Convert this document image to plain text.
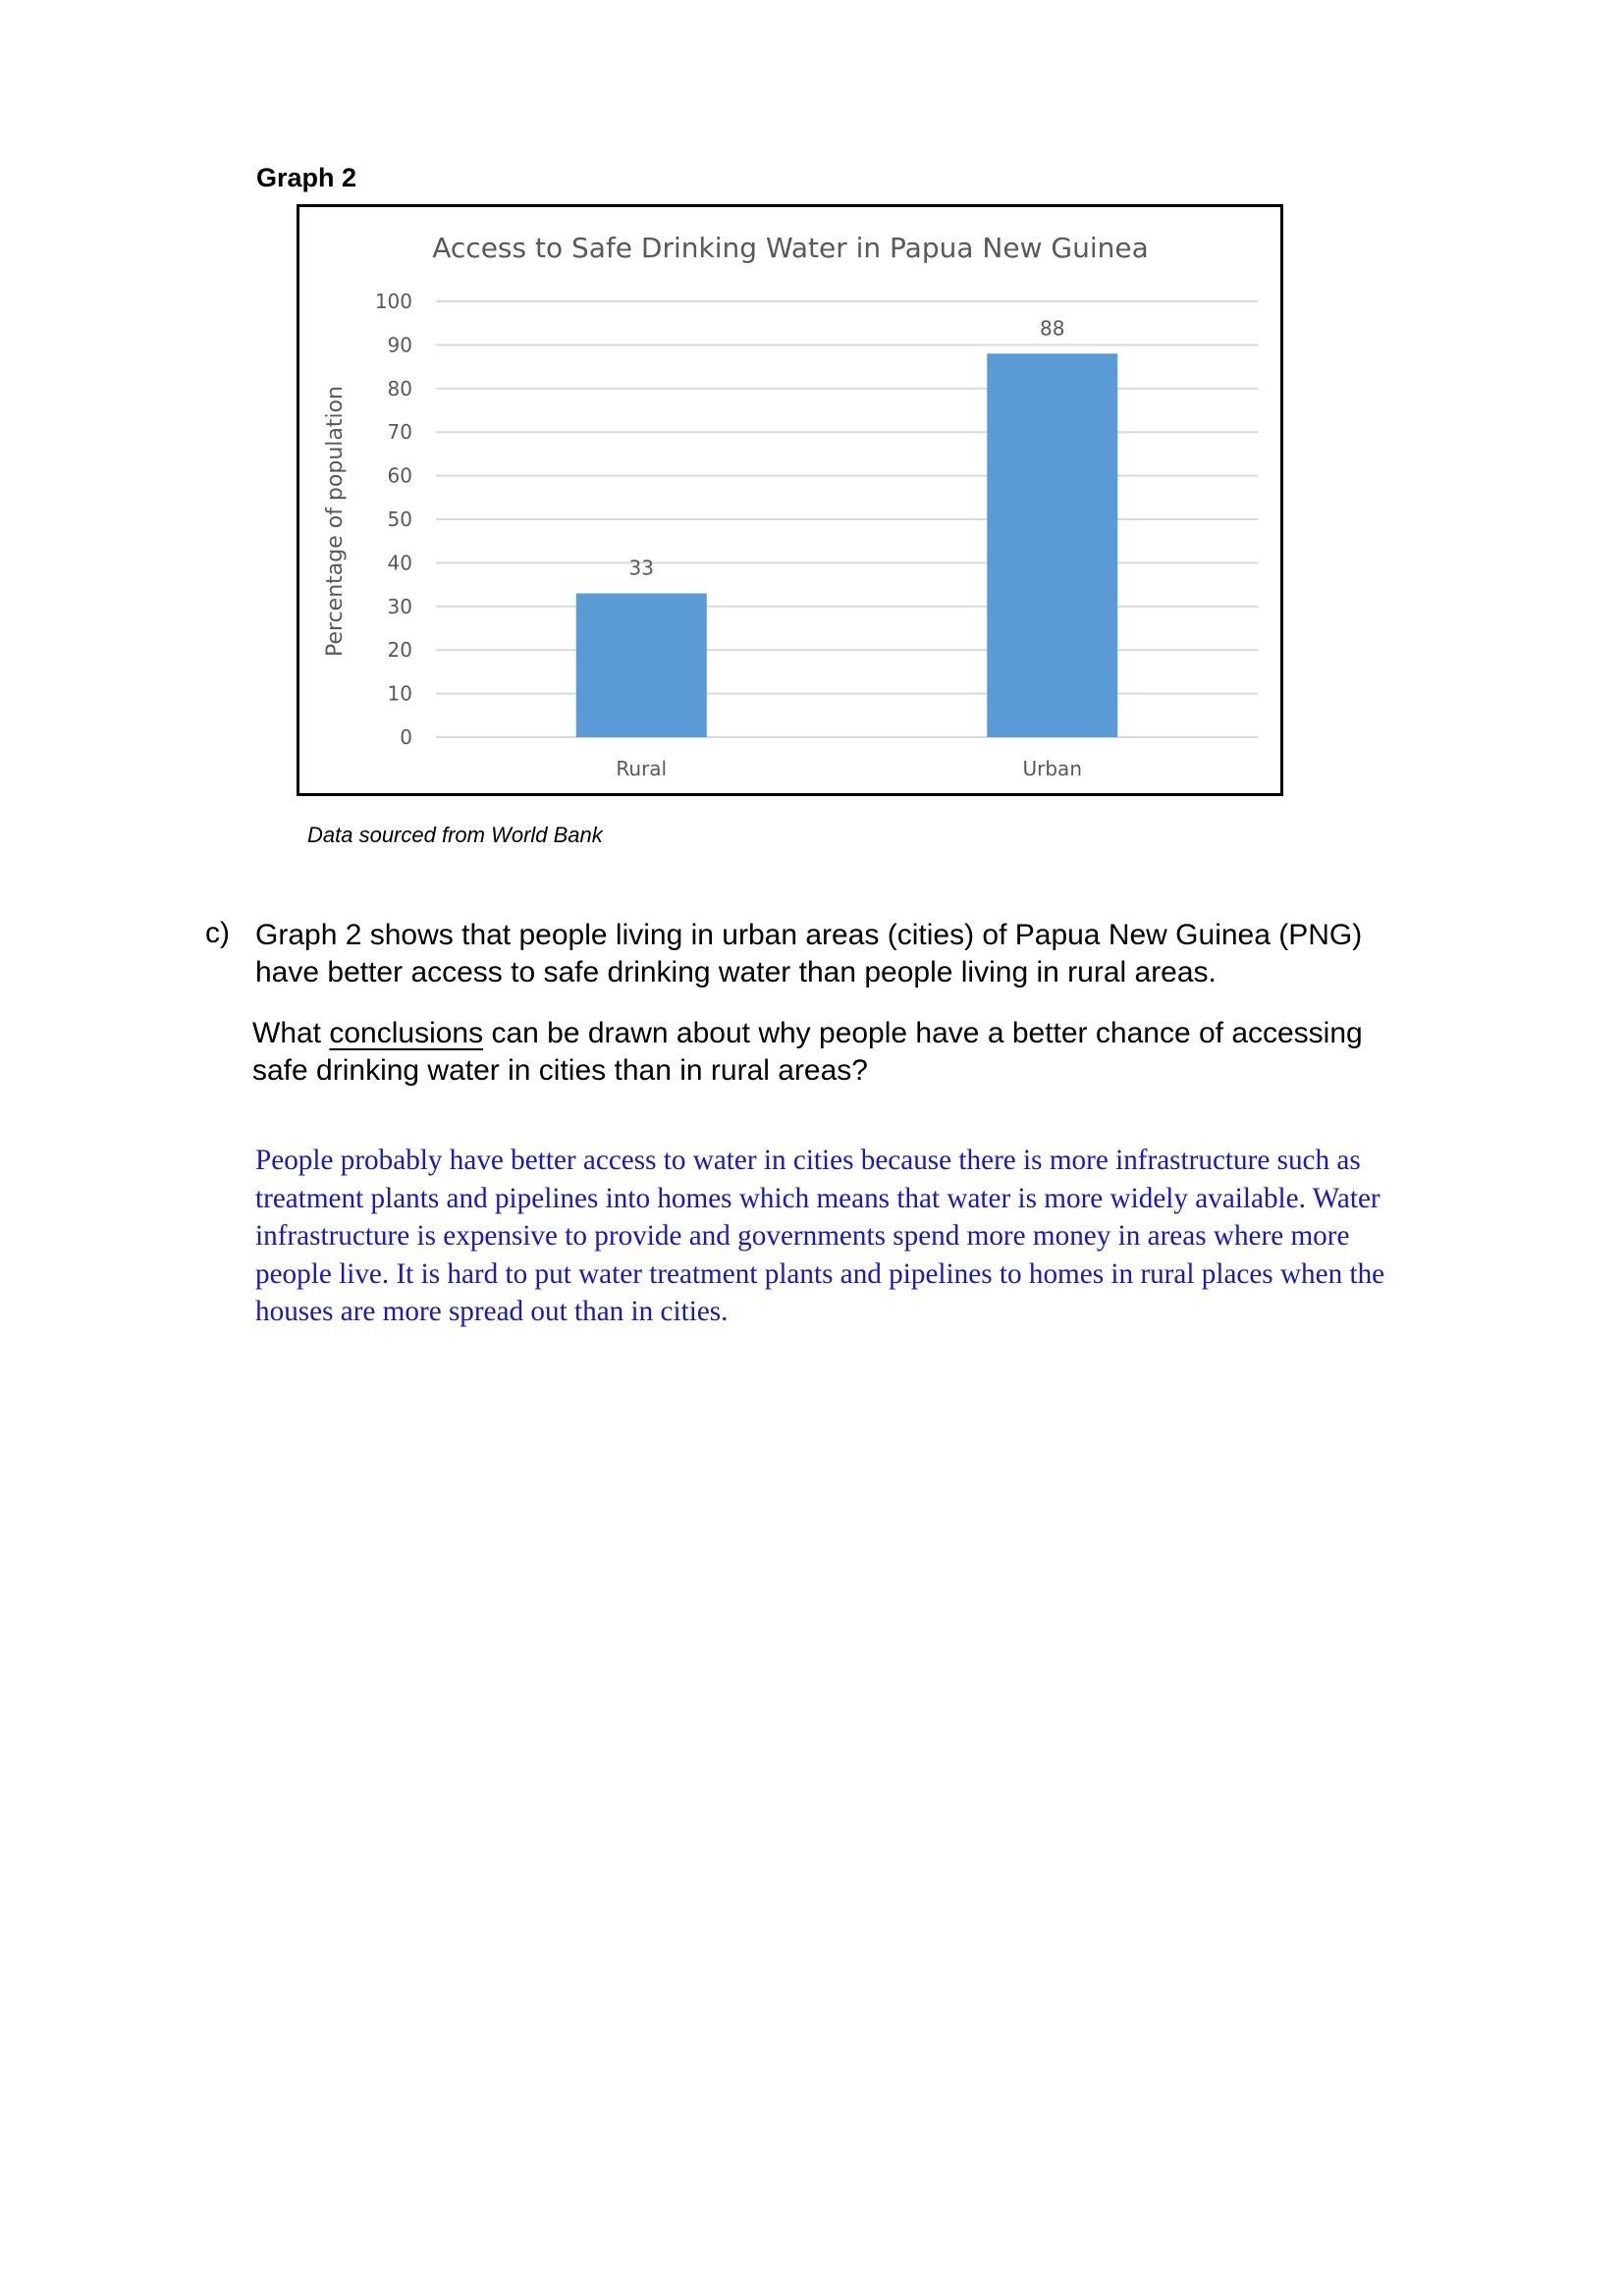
Graph 2
Access to Safe Drinking Water in Papua New Guinea
Percentage of population
0
10
20
30
40
50
60
70
80
90
100
33
88
Rural	Urban
Data sourced from World Bank
c) Graph 2 shows that people living in urban areas (cities) of Papua New Guinea (PNG) have better access to safe drinking water than people living in rural areas.
What conclusions can be drawn about why people have a better chance of accessing safe drinking water in cities than in rural areas?
People probably have better access to water in cities because there is more infrastructure such as treatment plants and pipelines into homes which means that water is more widely available. Water infrastructure is expensive to provide and governments spend more money in areas where more people live. It is hard to put water treatment plants and pipelines to homes in rural places when the houses are more spread out than in cities.
